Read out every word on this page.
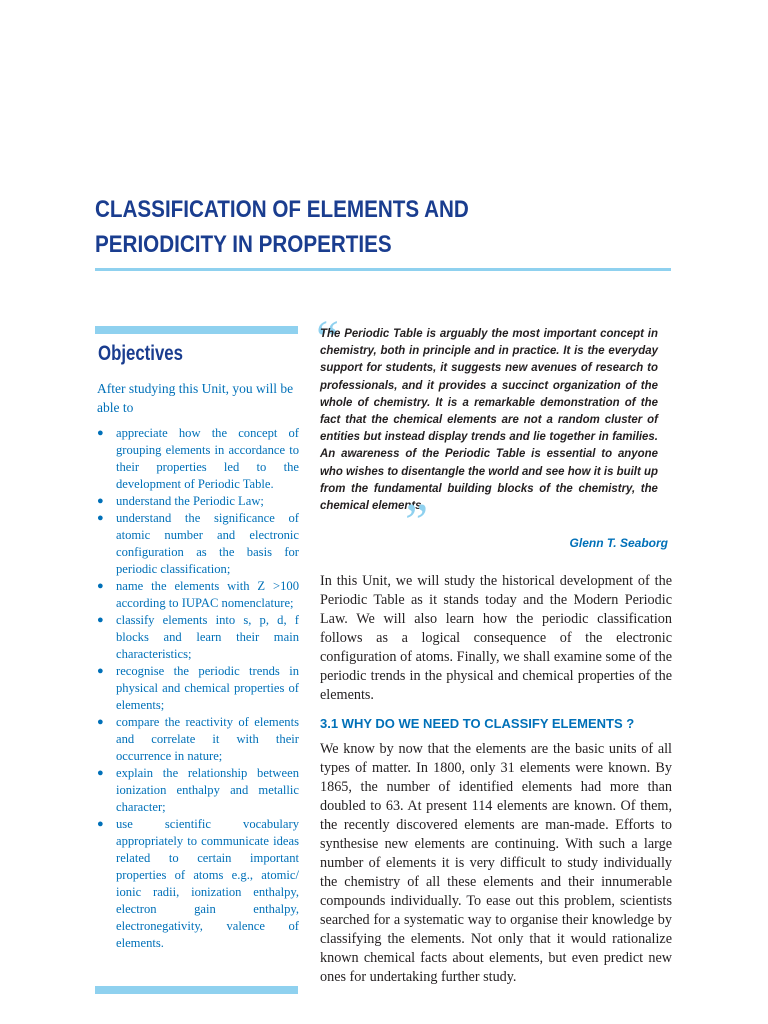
CLASSIFICATION OF ELEMENTS AND
PERIODICITY IN PROPERTIES
Objectives

After studying this Unit, you will be able to

● appreciate how the concept of grouping elements in accordance to their properties led to the development of Periodic Table.
● understand the Periodic Law;
● understand the significance of atomic number and electronic configuration as the basis for periodic classification;
● name the elements with Z >100 according to IUPAC nomenclature;
● classify elements into s, p, d, f blocks and learn their main characteristics;
● recognise the periodic trends in physical and chemical properties of elements;
● compare the reactivity of elements and correlate it with their occurrence in nature;
● explain the relationship between ionization enthalpy and metallic character;
● use scientific vocabulary appropriately to communicate ideas related to certain important properties of atoms e.g., atomic/ ionic radii, ionization enthalpy, electron gain enthalpy, electronegativity, valence of elements.
“

The Periodic Table is arguably the most important concept in chemistry, both in principle and in practice. It is the everyday support for students, it suggests new avenues of research to professionals, and it provides a succinct organization of the whole of chemistry. It is a remarkable demonstration of the fact that the chemical elements are not a random cluster of entities but instead display trends and lie together in families. An awareness of the Periodic Table is essential to anyone who wishes to disentangle the world and see how it is built up from the fundamental building blocks of the chemistry, the chemical elements.

”	Glenn T. Seaborg

In this Unit, we will study the historical development of the Periodic Table as it stands today and the Modern Periodic Law. We will also learn how the periodic classification follows as a logical consequence of the electronic configuration of atoms. Finally, we shall examine some of the periodic trends in the physical and chemical properties of the elements.

3.1 WHY DO WE NEED TO CLASSIFY ELEMENTS ?

We know by now that the elements are the basic units of all types of matter. In 1800, only 31 elements were known. By 1865, the number of identified elements had more than doubled to 63. At present 114 elements are known. Of them, the recently discovered elements are man-made. Efforts to synthesise new elements are continuing. With such a large number of elements it is very difficult to study individually the chemistry of all these elements and their innumerable compounds individually. To ease out this problem, scientists searched for a systematic way to organise their knowledge by classifying the elements. Not only that it would rationalize known chemical facts about elements, but even predict new ones for undertaking further study.
